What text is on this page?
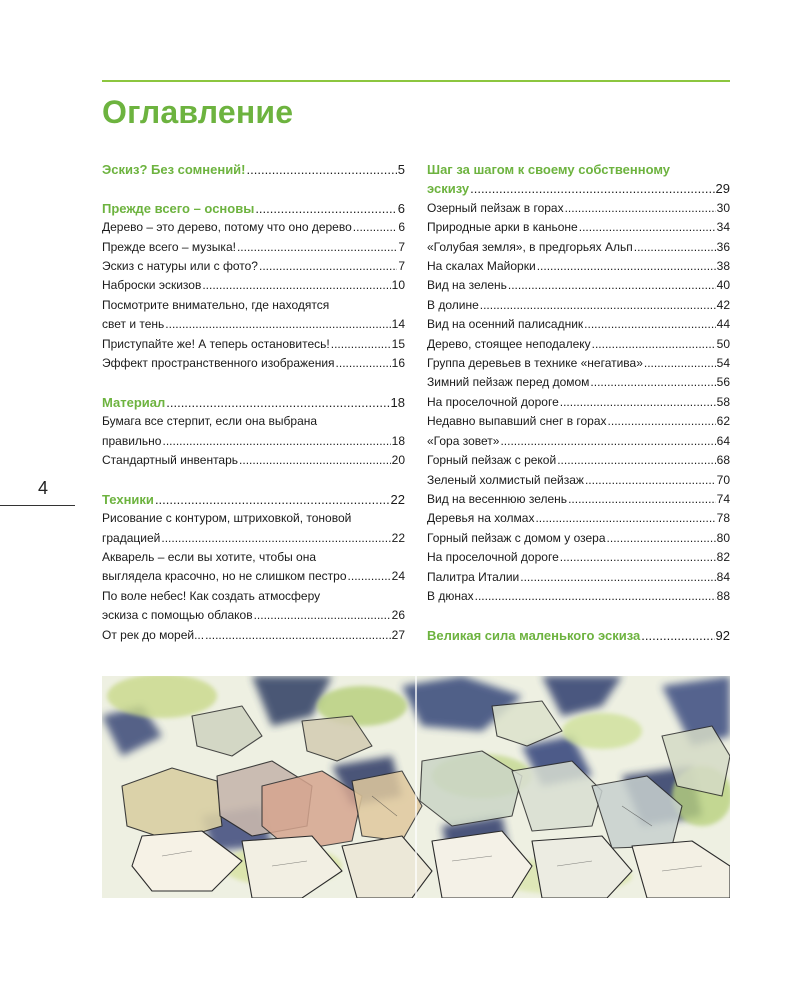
Оглавление
4
Эскиз? Без сомнений! .....	5
Прежде всего – основы .....	6
Дерево – это дерево, потому что оно дерево .....	6
Прежде всего – музыка! .....	7
Эскиз с натуры или с фото? .....	7
Наброски эскизов .....	10
Посмотрите внимательно, где находятся
свет и тень .....	14
Приступайте же! А теперь остановитесь! .....	15
Эффект пространственного изображения .....	16
Материал .....	18
Бумага все стерпит, если она выбрана
правильно .....	18
Стандартный инвентарь .....	20
Техники .....	22
Рисование с контуром, штриховкой, тоновой
градацией .....	22
Акварель – если вы хотите, чтобы она
выглядела красочно, но не слишком пестро .....	24
По воле небес! Как создать атмосферу
эскиза с помощью облаков .....	26
От рек до морей... .....	27
Шаг за шагом к своему собственному
эскизу .....	29
Озерный пейзаж в горах .....	30
Природные арки в каньоне .....	34
«Голубая земля», в предгорьях Альп .....	36
На скалах Майорки .....	38
Вид на зелень .....	40
В долине .....	42
Вид на осенний палисадник .....	44
Дерево, стоящее неподалеку .....	50
Группа деревьев в технике «негатива» .....	54
Зимний пейзаж перед домом .....	56
На проселочной дороге .....	58
Недавно выпавший снег в горах .....	62
«Гора зовет» .....	64
Горный пейзаж с рекой .....	68
Зеленый холмистый пейзаж .....	70
Вид на весеннюю зелень .....	74
Деревья на холмах .....	78
Горный пейзаж с домом у озера .....	80
На проселочной дороге .....	82
Палитра Италии .....	84
В дюнах .....	88
Великая сила маленького эскиза .....	92
